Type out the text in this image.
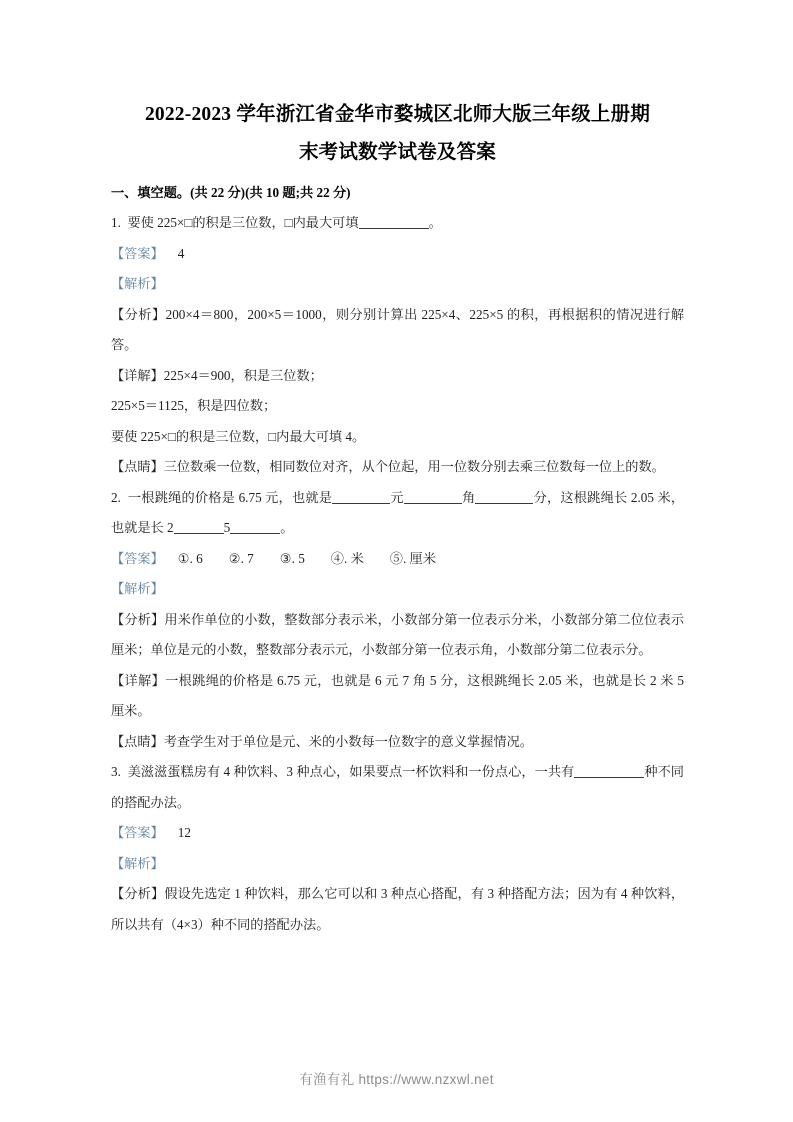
2022-2023 学年浙江省金华市婺城区北师大版三年级上册期
末考试数学试卷及答案
一、填空题。(共 22 分)(共 10 题;共 22 分)
1. 要使 225×□的积是三位数，□内最大可填	。
【答案】 4
【解析】
【分析】200×4＝800，200×5＝1000，则分别计算出 225×4、225×5 的积，再根据积的情况进行解答。
【详解】225×4＝900，积是三位数；
225×5＝1125，积是四位数；
要使 225×□的积是三位数，□内最大可填 4。
【点睛】三位数乘一位数，相同数位对齐，从个位起，用一位数分别去乘三位数每一位上的数。
2. 一根跳绳的价格是 6.75 元，也就是	元	角	分，这根跳绳长 2.05 米，也就是长 2	5	。
【答案】 ①. 6 ②. 7 ③. 5 ④. 米 ⑤. 厘米
【解析】
【分析】用米作单位的小数，整数部分表示米，小数部分第一位表示分米，小数部分第二位位表示厘米；单位是元的小数，整数部分表示元，小数部分第一位表示角，小数部分第二位表示分。
【详解】一根跳绳的价格是 6.75 元，也就是 6 元 7 角 5 分，这根跳绳长 2.05 米，也就是长 2 米 5 厘米。
【点睛】考查学生对于单位是元、米的小数每一位数字的意义掌握情况。
3. 美滋滋蛋糕房有 4 种饮料、3 种点心，如果要点一杯饮料和一份点心，一共有	种不同的搭配办法。
【答案】 12
【解析】
【分析】假设先选定 1 种饮料，那么它可以和 3 种点心搭配，有 3 种搭配方法；因为有 4 种饮料，所以共有（4×3）种不同的搭配办法。
有渔有礼 https://www.nzxwl.net
